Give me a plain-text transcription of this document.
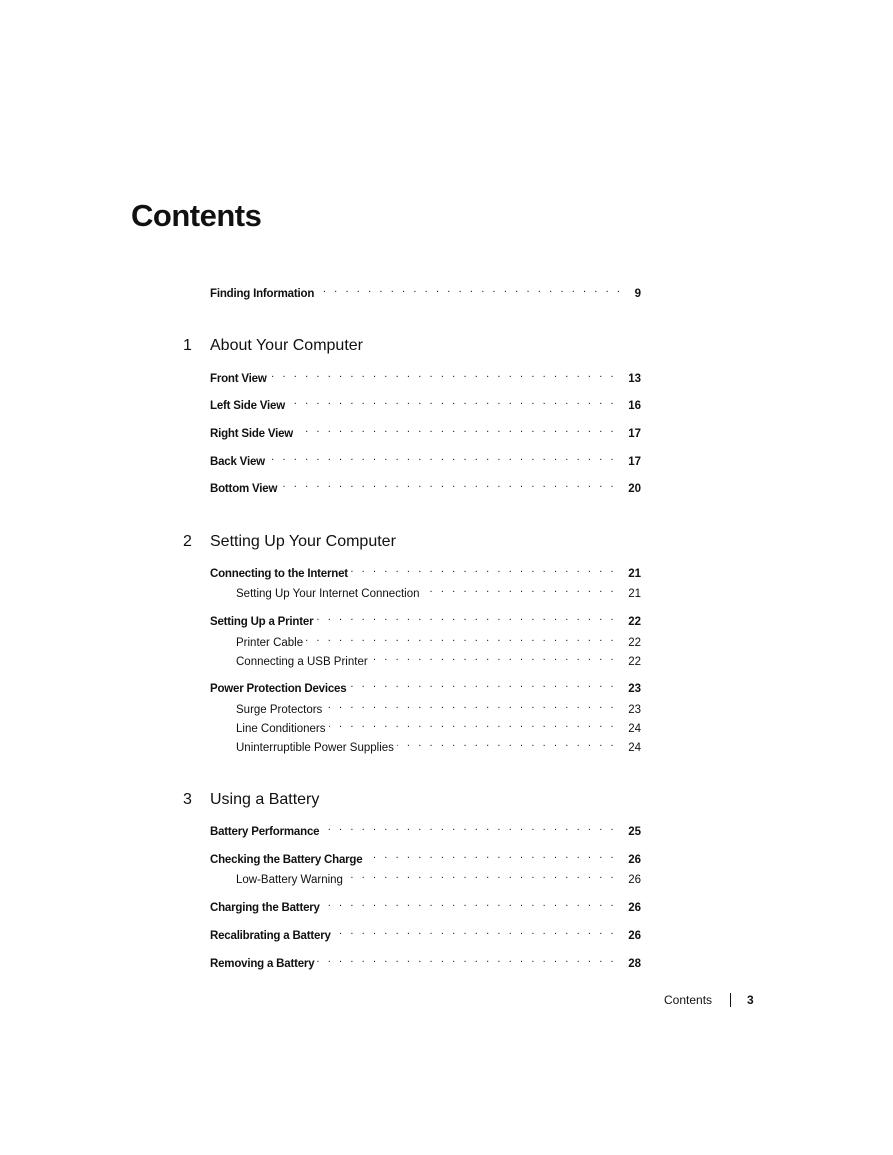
Contents
Finding Information . . .	9
1	About Your Computer
Front View . . .	13
Left Side View . . .	16
Right Side View . . .	17
Back View . . .	17
Bottom View . . .	20
2	Setting Up Your Computer
Connecting to the Internet . . .	21
Setting Up Your Internet Connection . . .	21
Setting Up a Printer . . .	22
Printer Cable . . .	22
Connecting a USB Printer . . .	22
Power Protection Devices . . .	23
Surge Protectors . . .	23
Line Conditioners . . .	24
Uninterruptible Power Supplies . . .	24
3	Using a Battery
Battery Performance . . .	25
Checking the Battery Charge . . .	26
Low-Battery Warning . . .	26
Charging the Battery . . .	26
Recalibrating a Battery . . .	26
Removing a Battery . . .	28
Contents	3
